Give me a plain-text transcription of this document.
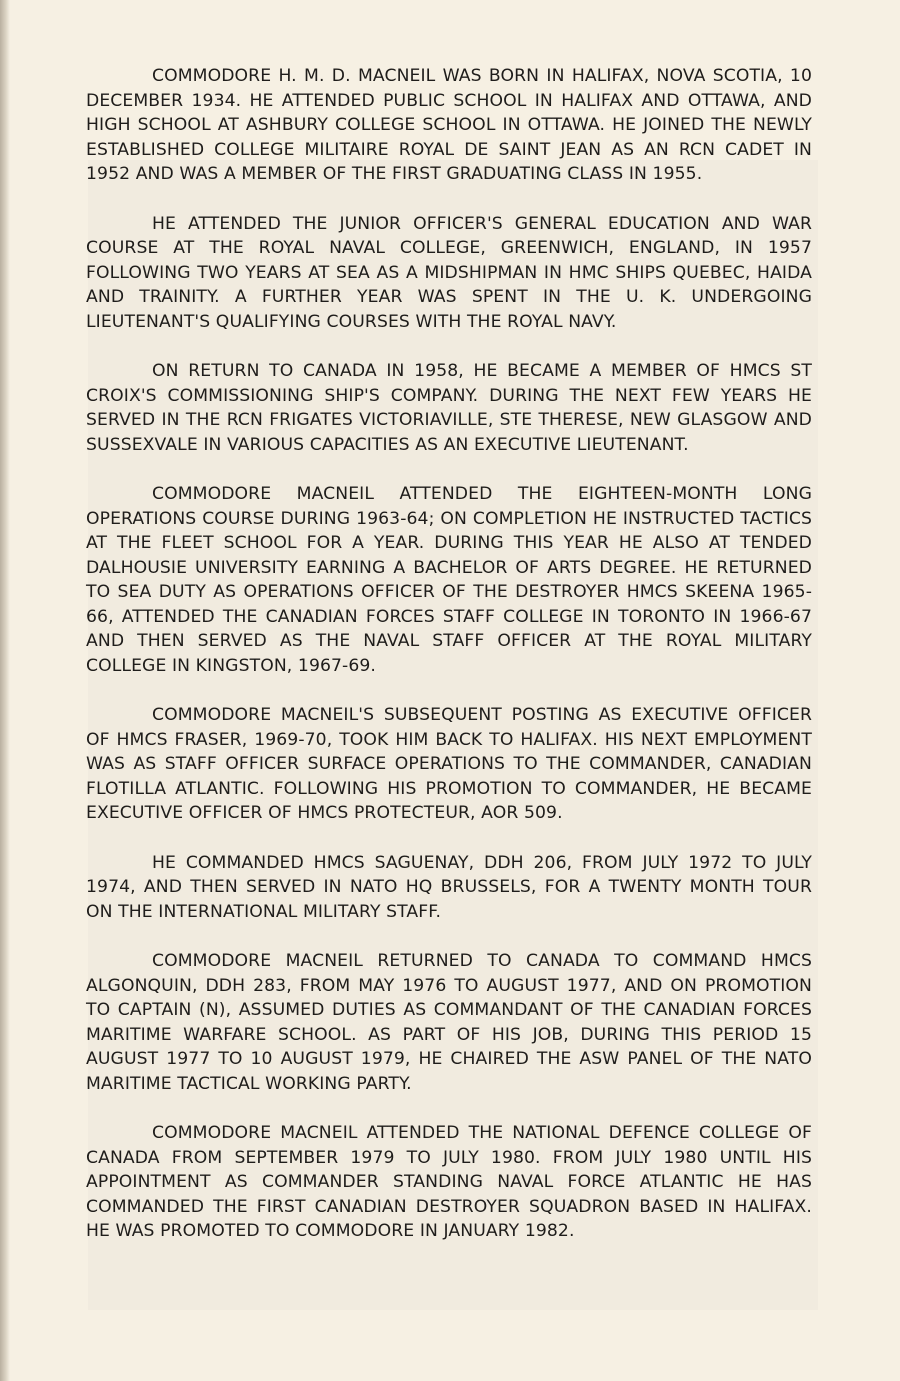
COMMODORE H. M. D. MACNEIL WAS BORN IN HALIFAX, NOVA SCOTIA, 10 DECEMBER 1934. HE ATTENDED PUBLIC SCHOOL IN HALIFAX AND OTTAWA, AND HIGH SCHOOL AT ASHBURY COLLEGE SCHOOL IN OTTAWA. HE JOINED THE NEWLY ESTABLISHED COLLEGE MILITAIRE ROYAL DE SAINT JEAN AS AN RCN CADET IN 1952 AND WAS A MEMBER OF THE FIRST GRADUATING CLASS IN 1955.

HE ATTENDED THE JUNIOR OFFICER'S GENERAL EDUCATION AND WAR COURSE AT THE ROYAL NAVAL COLLEGE, GREENWICH, ENGLAND, IN 1957 FOLLOWING TWO YEARS AT SEA AS A MIDSHIPMAN IN HMC SHIPS QUEBEC, HAIDA AND TRAINITY. A FURTHER YEAR WAS SPENT IN THE U. K. UNDERGOING LIEUTENANT'S QUALIFYING COURSES WITH THE ROYAL NAVY.

ON RETURN TO CANADA IN 1958, HE BECAME A MEMBER OF HMCS ST CROIX'S COMMISSIONING SHIP'S COMPANY. DURING THE NEXT FEW YEARS HE SERVED IN THE RCN FRIGATES VICTORIAVILLE, STE THERESE, NEW GLASGOW AND SUSSEXVALE IN VARIOUS CAPACITIES AS AN EXECUTIVE LIEUTENANT.

COMMODORE MACNEIL ATTENDED THE EIGHTEEN-MONTH LONG OPERATIONS COURSE DURING 1963-64; ON COMPLETION HE INSTRUCTED TACTICS AT THE FLEET SCHOOL FOR A YEAR. DURING THIS YEAR HE ALSO AT TENDED DALHOUSIE UNIVERSITY EARNING A BACHELOR OF ARTS DEGREE. HE RETURNED TO SEA DUTY AS OPERATIONS OFFICER OF THE DESTROYER HMCS SKEENA 1965-66, ATTENDED THE CANADIAN FORCES STAFF COLLEGE IN TORONTO IN 1966-67 AND THEN SERVED AS THE NAVAL STAFF OFFICER AT THE ROYAL MILITARY COLLEGE IN KINGSTON, 1967-69.

COMMODORE MACNEIL'S SUBSEQUENT POSTING AS EXECUTIVE OFFICER OF HMCS FRASER, 1969-70, TOOK HIM BACK TO HALIFAX. HIS NEXT EMPLOYMENT WAS AS STAFF OFFICER SURFACE OPERATIONS TO THE COMMANDER, CANADIAN FLOTILLA ATLANTIC. FOLLOWING HIS PROMOTION TO COMMANDER, HE BECAME EXECUTIVE OFFICER OF HMCS PROTECTEUR, AOR 509.

HE COMMANDED HMCS SAGUENAY, DDH 206, FROM JULY 1972 TO JULY 1974, AND THEN SERVED IN NATO HQ BRUSSELS, FOR A TWENTY MONTH TOUR ON THE INTERNATIONAL MILITARY STAFF.

COMMODORE MACNEIL RETURNED TO CANADA TO COMMAND HMCS ALGONQUIN, DDH 283, FROM MAY 1976 TO AUGUST 1977, AND ON PROMOTION TO CAPTAIN (N), ASSUMED DUTIES AS COMMANDANT OF THE CANADIAN FORCES MARITIME WARFARE SCHOOL. AS PART OF HIS JOB, DURING THIS PERIOD 15 AUGUST 1977 TO 10 AUGUST 1979, HE CHAIRED THE ASW PANEL OF THE NATO MARITIME TACTICAL WORKING PARTY.

COMMODORE MACNEIL ATTENDED THE NATIONAL DEFENCE COLLEGE OF CANADA FROM SEPTEMBER 1979 TO JULY 1980. FROM JULY 1980 UNTIL HIS APPOINTMENT AS COMMANDER STANDING NAVAL FORCE ATLANTIC HE HAS COMMANDED THE FIRST CANADIAN DESTROYER SQUADRON BASED IN HALIFAX. HE WAS PROMOTED TO COMMODORE IN JANUARY 1982.
